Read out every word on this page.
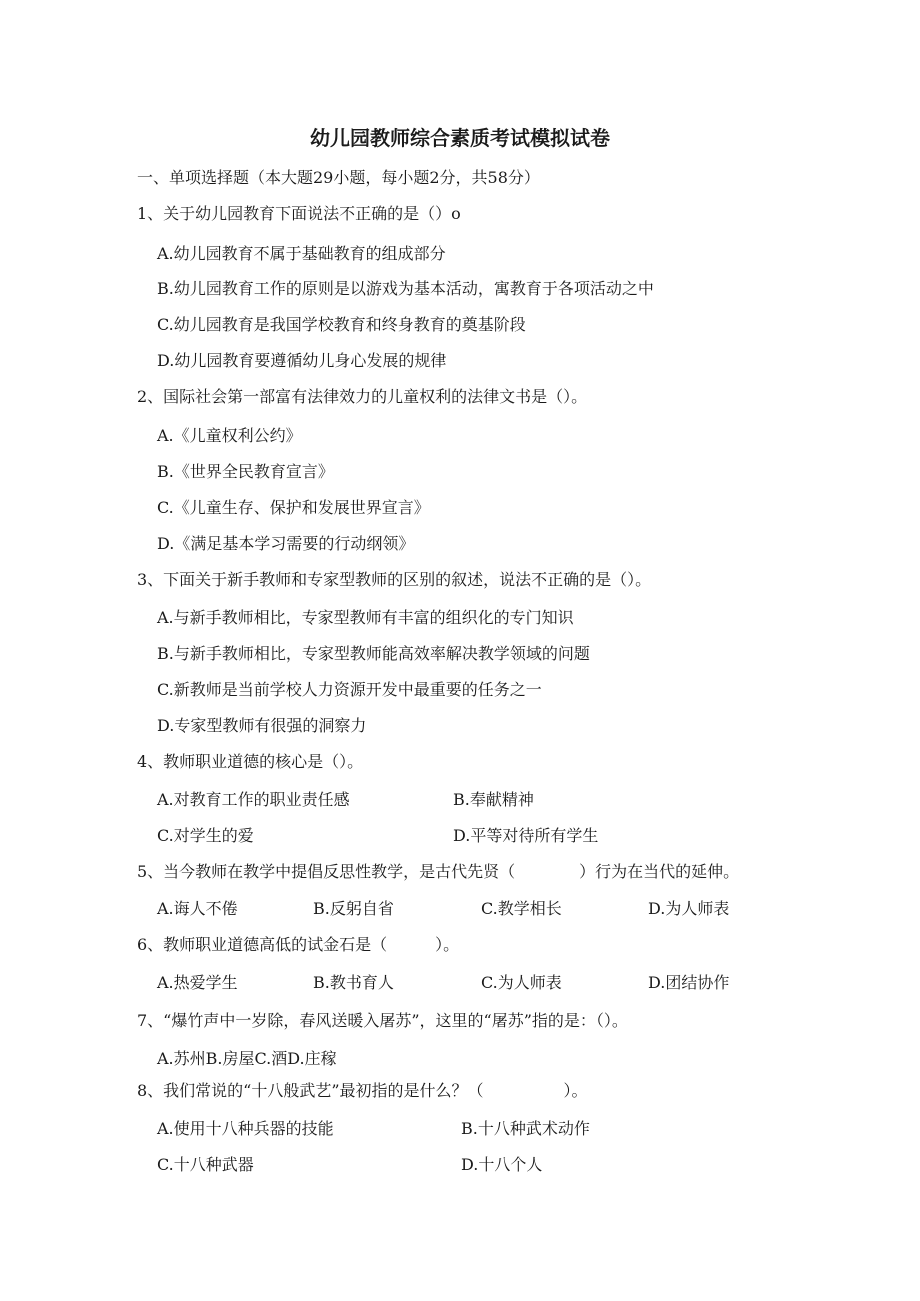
幼儿园教师综合素质考试模拟试卷
一、单项选择题（本大题29小题，每小题2分，共58分）
1、关于幼儿园教育下面说法不正确的是（）o
A.幼儿园教育不属于基础教育的组成部分
B.幼儿园教育工作的原则是以游戏为基本活动，寓教育于各项活动之中
C.幼儿园教育是我国学校教育和终身教育的奠基阶段
D.幼儿园教育要遵循幼儿身心发展的规律
2、国际社会第一部富有法律效力的儿童权利的法律文书是（）。
A.《儿童权利公约》
B.《世界全民教育宣言》
C.《儿童生存、保护和发展世界宣言》
D.《满足基本学习需要的行动纲领》
3、下面关于新手教师和专家型教师的区别的叙述，说法不正确的是（）。
A.与新手教师相比，专家型教师有丰富的组织化的专门知识
B.与新手教师相比，专家型教师能高效率解决教学领域的问题
C.新教师是当前学校人力资源开发中最重要的任务之一
D.专家型教师有很强的洞察力
4、教师职业道德的核心是（）。
A.对教育工作的职业责任感	B.奉献精神
C.对学生的爱	D.平等对待所有学生
5、当今教师在教学中提倡反思性教学，是古代先贤（　　　　）行为在当代的延伸。
A.诲人不倦	B.反躬自省	C.教学相长	D.为人师表
6、教师职业道德高低的试金石是（　　　）。
A.热爱学生	B.教书育人	C.为人师表	D.团结协作
7、“爆竹声中一岁除，春风送暖入屠苏”，这里的“屠苏”指的是：（）。
A.苏州B.房屋C.酒D.庄稼
8、我们常说的“十八般武艺”最初指的是什么？（　　　　　）。
A.使用十八种兵器的技能	B.十八种武术动作
C.十八种武器	D.十八个人
